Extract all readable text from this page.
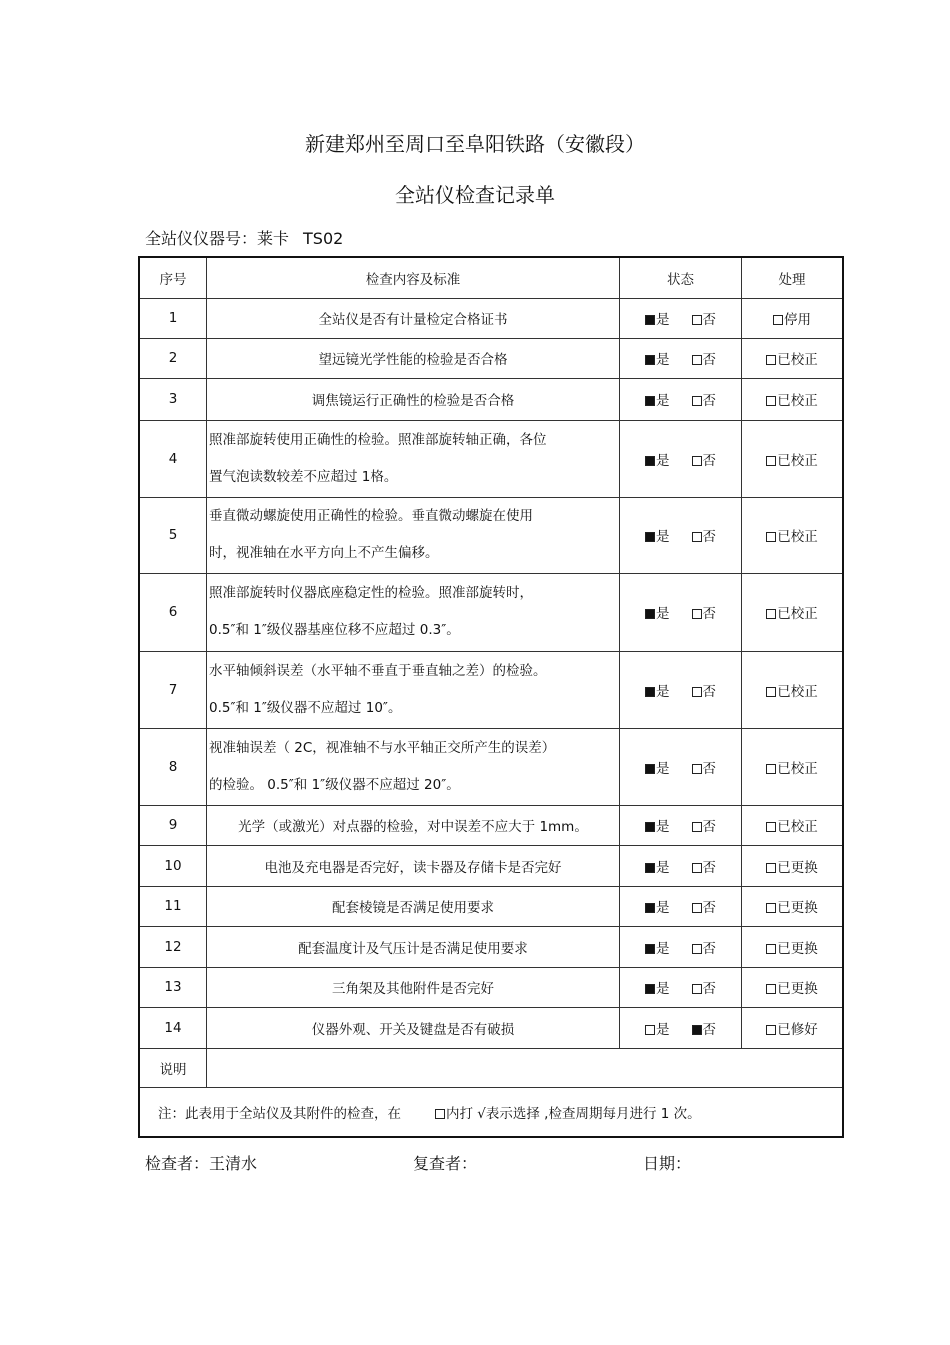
新建郑州至周口至阜阳铁路（安徽段）
全站仪检查记录单
全站仪仪器号：莱卡 TS02
序号	检查内容及标准	状态	处理
1	全站仪是否有计量检定合格证书	是 否	停用
2	望远镜光学性能的检验是否合格	是 否	已校正
3	调焦镜运行正确性的检验是否合格	是 否	已校正
4	照准部旋转使用正确性的检验。照准部旋转轴正确，各位
置气泡读数较差不应超过 1格。	是 否	已校正
5	垂直微动螺旋使用正确性的检验。垂直微动螺旋在使用
时，视准轴在水平方向上不产生偏移。	是 否	已校正
6	照准部旋转时仪器底座稳定性的检验。照准部旋转时，
0.5″和 1″级仪器基座位移不应超过 0.3″。	是 否	已校正
7	水平轴倾斜误差（水平轴不垂直于垂直轴之差）的检验。
0.5″和 1″级仪器不应超过 10″。	是 否	已校正
8	视准轴误差（ 2C，视准轴不与水平轴正交所产生的误差）
的检验。 0.5″和 1″级仪器不应超过 20″。	是 否	已校正
9	光学（或激光）对点器的检验，对中误差不应大于 1mm。	是 否	已校正
10	电池及充电器是否完好，读卡器及存储卡是否完好	是 否	已更换
11	配套棱镜是否满足使用要求	是 否	已更换
12	配套温度计及气压计是否满足使用要求	是 否	已更换
13	三角架及其他附件是否完好	是 否	已更换
14	仪器外观、开关及键盘是否有破损	是 否	已修好
说明			
注：此表用于全站仪及其附件的检查，在 内打 √表示选择 ,检查周期每月进行 1 次。			
检查者：王清水	复查者：	日期：
